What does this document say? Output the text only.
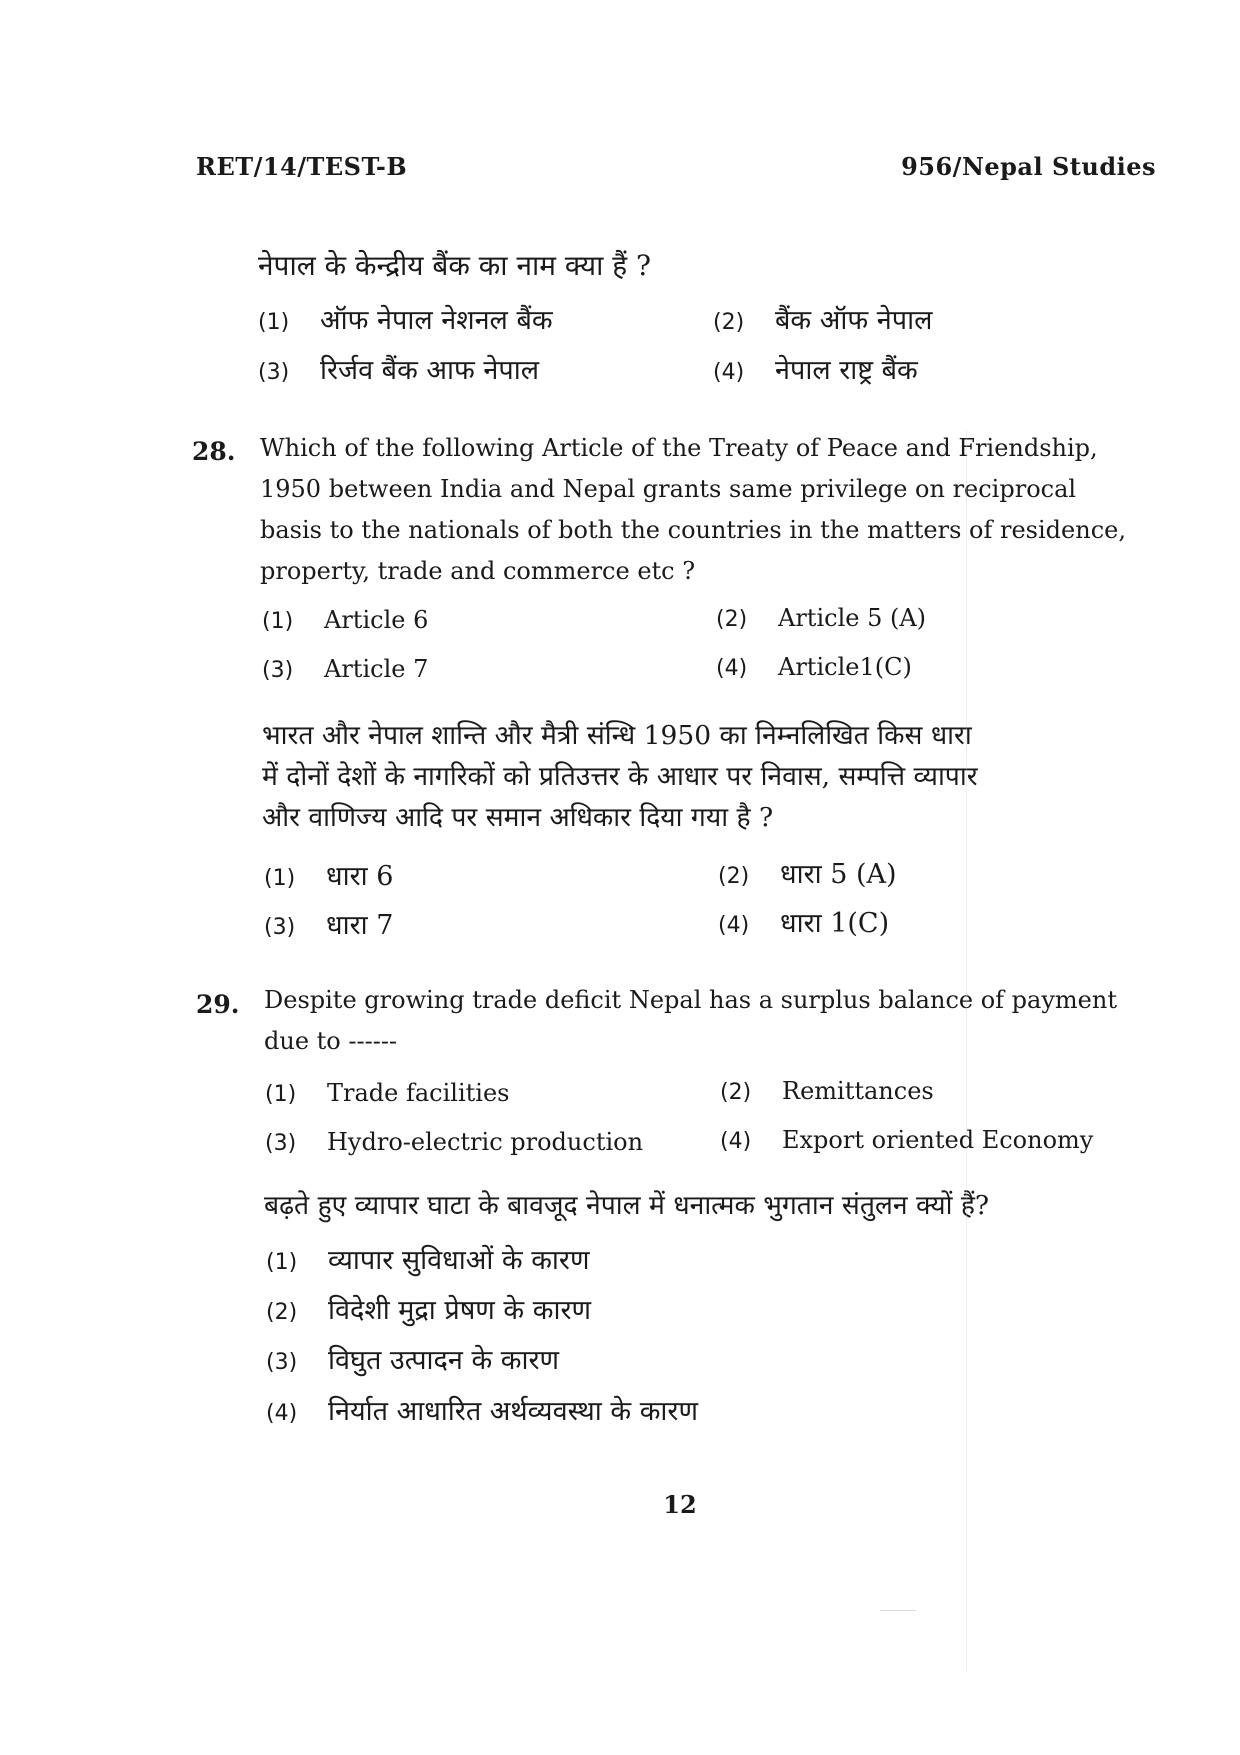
RET/14/TEST-B	956/Nepal Studies
नेपाल के केन्द्रीय बैंक का नाम क्या हैं ?
(1) ऑफ नेपाल नेशनल बैंक	(2) बैंक ऑफ नेपाल
(3) रिर्जव बैंक आफ नेपाल	(4) नेपाल राष्ट्र बैंक
28. Which of the following Article of the Treaty of Peace and Friendship,
1950 between India and Nepal grants same privilege on reciprocal
basis to the nationals of both the countries in the matters of residence,
property, trade and commerce etc ?
(1) Article 6	(2) Article 5 (A)
(3) Article 7	(4) Article1(C)
भारत और नेपाल शान्ति और मैत्री संन्धि 1950 का निम्नलिखित किस धारा
में दोनों देशों के नागरिकों को प्रतिउत्तर के आधार पर निवास, सम्पत्ति व्यापार
और वाणिज्य आदि पर समान अधिकार दिया गया है ?
(1) धारा 6	(2) धारा 5 (A)
(3) धारा 7	(4) धारा 1(C)
29. Despite growing trade deficit Nepal has a surplus balance of payment
due to ------
(1) Trade facilities	(2) Remittances
(3) Hydro-electric production	(4) Export oriented Economy
बढ़ते हुए व्यापार घाटा के बावजूद नेपाल में धनात्मक भुगतान संतुलन क्यों हैं?
(1) व्यापार सुविधाओं के कारण
(2) विदेशी मुद्रा प्रेषण के कारण
(3) विघुत उत्पादन के कारण
(4) निर्यात आधारित अर्थव्यवस्था के कारण
12
